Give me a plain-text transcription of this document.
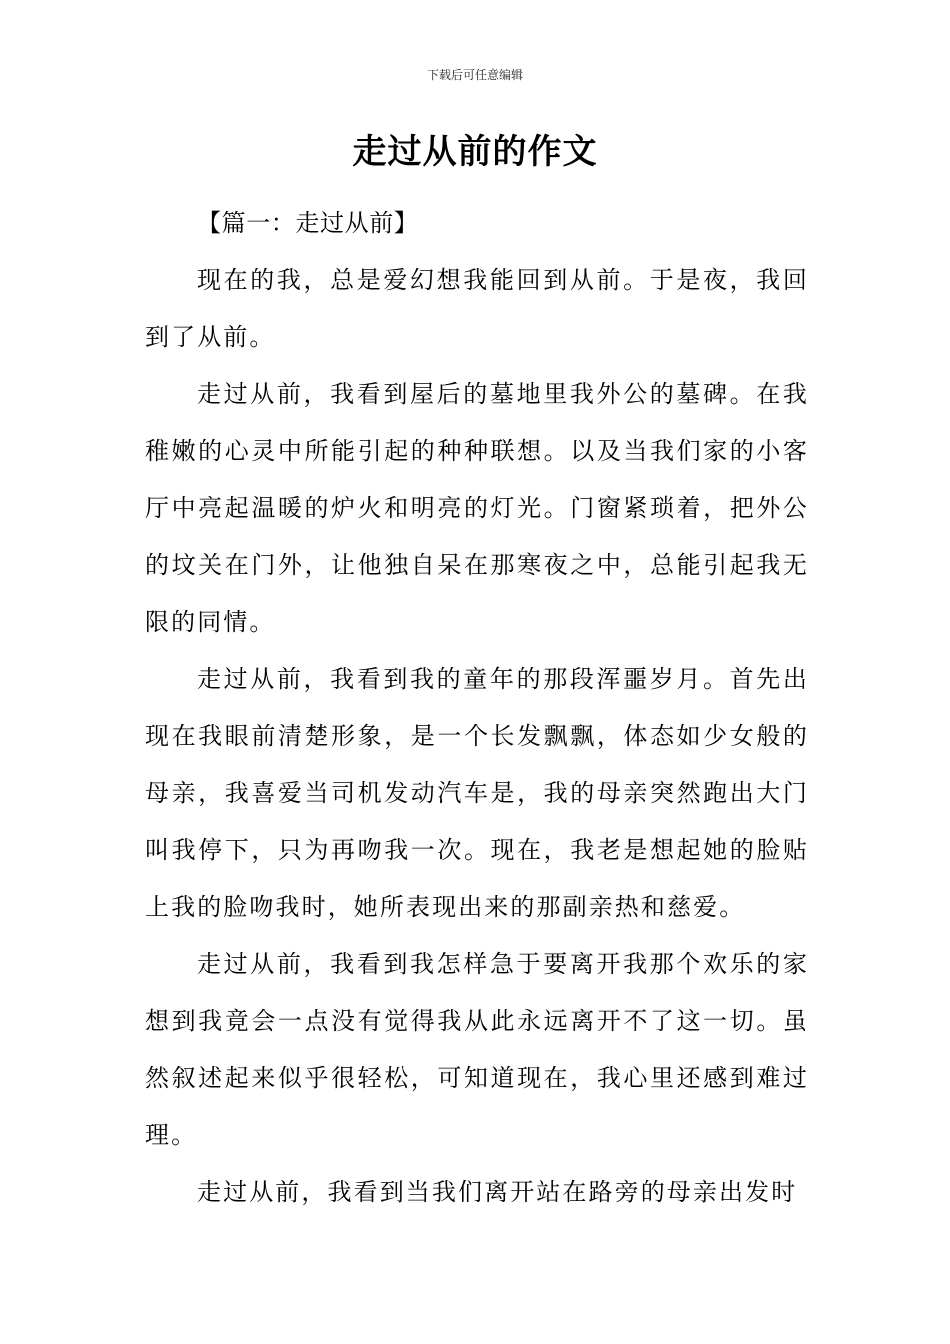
下载后可任意编辑
走过从前的作文

【篇一：走过从前】

现在的我，总是爱幻想我能回到从前。于是夜，我回到了从前。

走过从前，我看到屋后的墓地里我外公的墓碑。在我稚嫩的心灵中所能引起的种种联想。以及当我们家的小客厅中亮起温暖的炉火和明亮的灯光。门窗紧琐着，把外公的坟关在门外，让他独自呆在那寒夜之中，总能引起我无限的同情。

走过从前，我看到我的童年的那段浑噩岁月。首先出现在我眼前清楚形象，是一个长发飘飘，体态如少女般的母亲，我喜爱当司机发动汽车是，我的母亲突然跑出大门叫我停下，只为再吻我一次。现在，我老是想起她的脸贴上我的脸吻我时，她所表现出来的那副亲热和慈爱。

走过从前，我看到我怎样急于要离开我那个欢乐的家想到我竟会一点没有觉得我从此永远离开不了这一切。虽然叙述起来似乎很轻松，可知道现在，我心里还感到难过理。

走过从前，我看到当我们离开站在路旁的母亲出发时
